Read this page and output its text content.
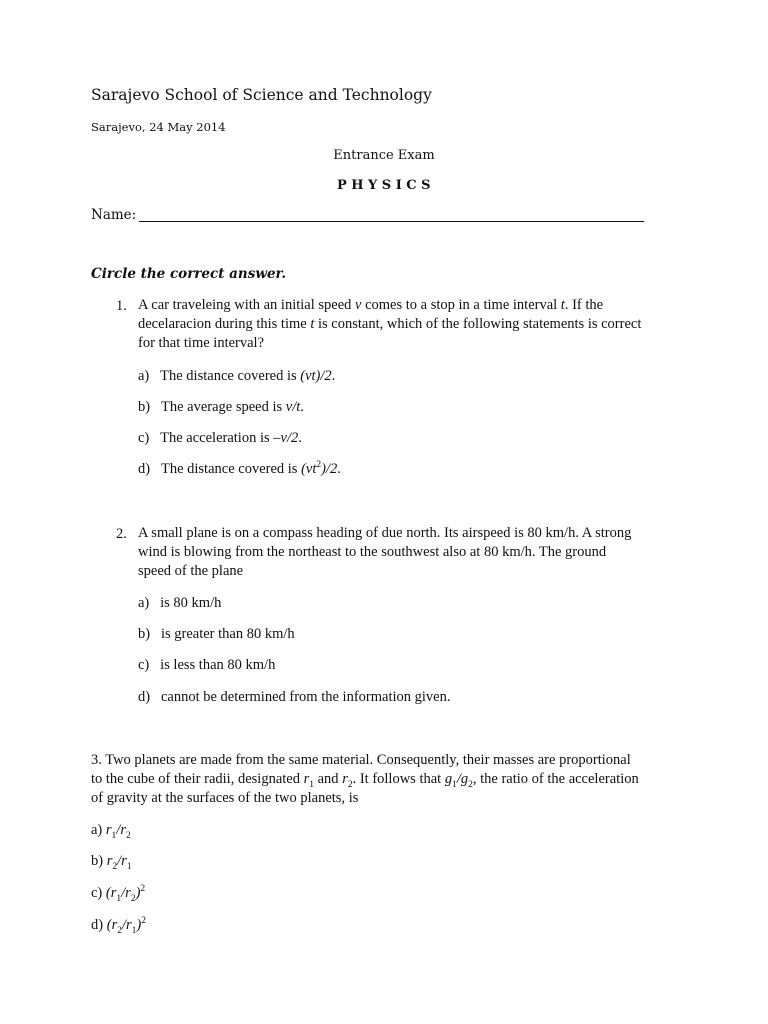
Sarajevo School of Science and Technology
Sarajevo, 24 May 2014
Entrance Exam
PHYSICS
Name:
Circle the correct answer.
1. A car traveleing with an initial speed v comes to a stop in a time interval t. If the
decelaracion during this time t is constant, which of the following statements is correct
for that time interval?
a) The distance covered is (vt)/2.
b) The average speed is v/t.
c) The acceleration is –v/2.
d) The distance covered is $(vt^2)/2$.
2. A small plane is on a compass heading of due north. Its airspeed is 80 km/h. A strong
wind is blowing from the northeast to the southwest also at 80 km/h. The ground
speed of the plane
a) is 80 km/h
b) is greater than 80 km/h
c) is less than 80 km/h
d) cannot be determined from the information given.
3. Two planets are made from the same material. Consequently, their masses are proportional
to the cube of their radii, designated $r_1$ and $r_2$. It follows that $g_1/g_2$, the ratio of the acceleration
of gravity at the surfaces of the two planets, is
a) $r_1/r_2$
b) $r_2/r_1$
c) $(r_1/r_2)^2$
d) $(r_2/r_1)^2$
